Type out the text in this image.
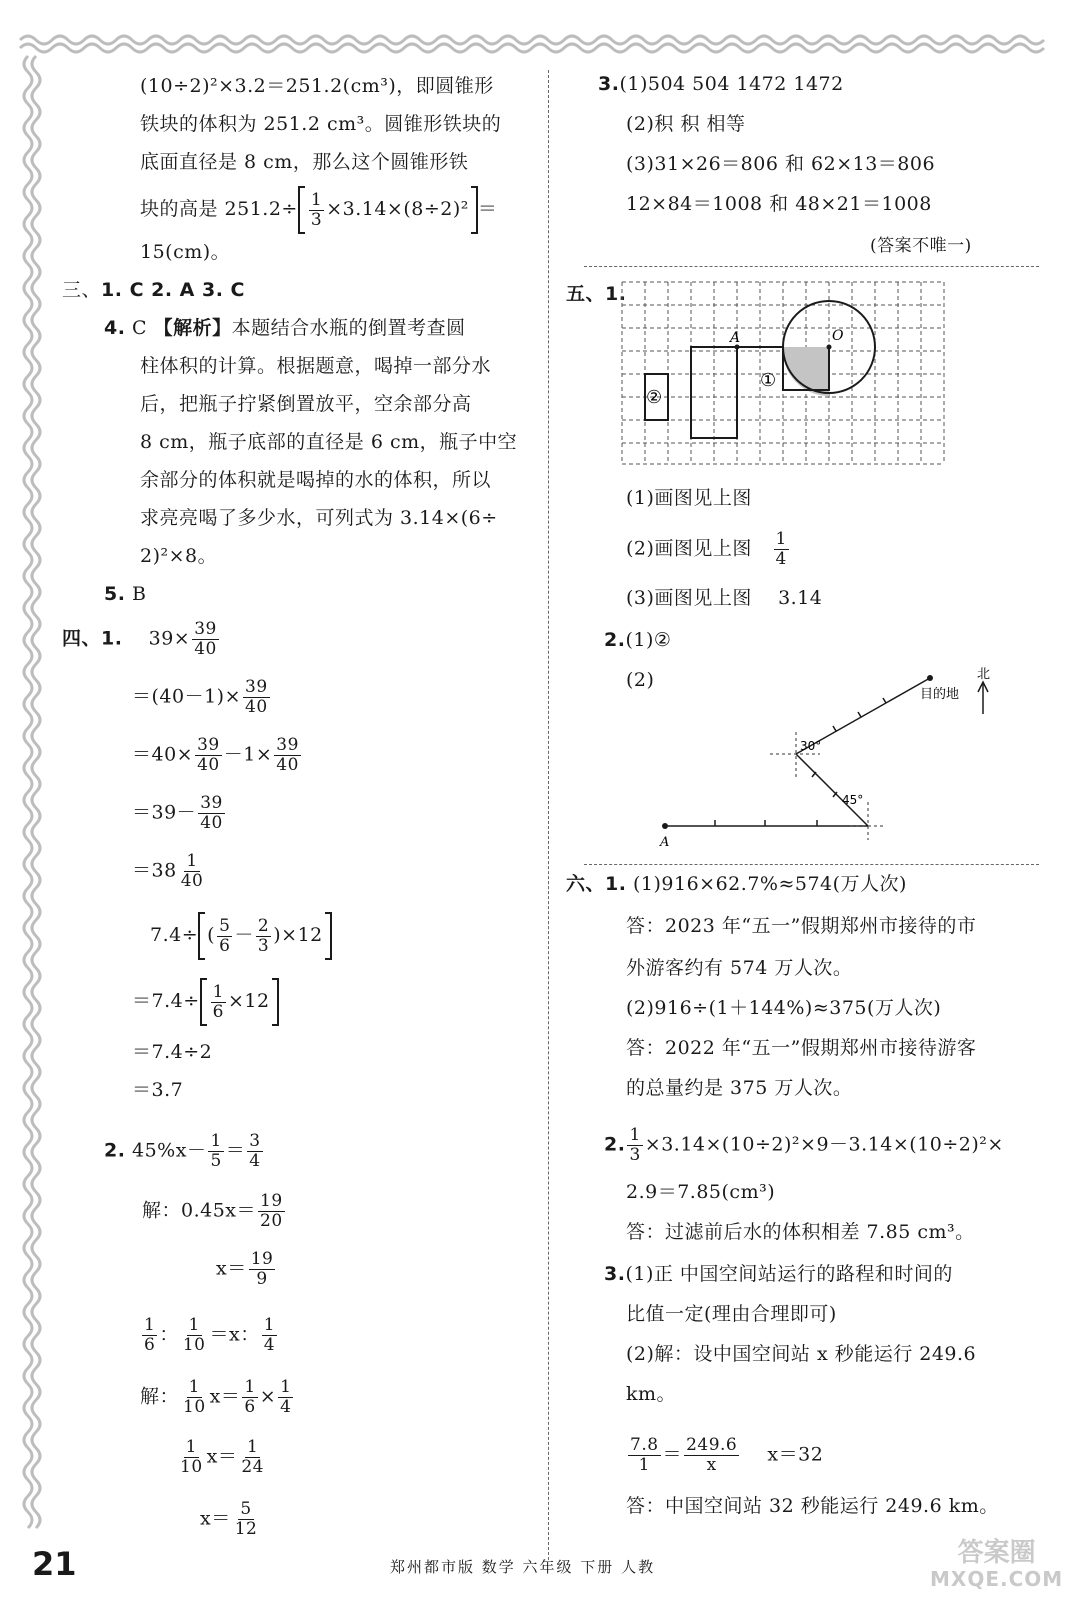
(10÷2)²×3.2＝251.2(cm³)，即圆锥形
铁块的体积为 251.2 cm³。圆锥形铁块的
底面直径是 8 cm，那么这个圆锥形铁
块的高是 $251.2\div \frac{1}{3} \times 3.14\times(8\div 2)^2$ ＝
15(cm)。
三、1. C 2. A 3. C
4. C 【解析】本题结合水瓶的倒置考查圆
柱体积的计算。根据题意，喝掉一部分水
后，把瓶子拧紧倒置放平，空余部分高
8 cm，瓶子底部的直径是 6 cm，瓶子中空
余部分的体积就是喝掉的水的体积，所以
求亮亮喝了多少水，可列式为 3.14×(6÷
2)²×8。
5. B
四、1. $39\times \frac{39}{40}$
$=(40-1)\times \frac{39}{40}$
$=40\times \frac{39}{40} -1\times \frac{39}{40}$
$=39- \frac{39}{40}$
$=38 \frac{1}{40}$
7.4÷ ( $\frac{5}{6} - \frac{2}{3} )\times 12$
$=7.4\div \frac{1}{6} \times 12$
＝7.4÷2
＝3.7
2. $45\%x- \frac{1}{5} = \frac{3}{4}$
解：$0.45x= \frac{19}{20}$
$x= \frac{19}{9}$
$\frac{1}{6}$ ： $\frac{1}{10} =x$： $\frac{1}{4}$
解： $\frac{1}{10} x= \frac{1}{6} \times \frac{1}{4}$
$\frac{1}{10} x= \frac{1}{24}$
$x= \frac{5}{12}$
3.(1)504 504 1472 1472
(2)积 积 相等
(3)31×26＝806 和 62×13＝806
12×84＝1008 和 48×21＝1008
(答案不唯一)
五、1.
A	O
①
②
(1)画图见上图
(2)画图见上图 $\frac{1}{4}$
(3)画图见上图 3.14
2.(1)②
(2)
A
30°
45°
目的地
北
六、1. (1)916×62.7%≈574(万人次)
答：2023 年“五一”假期郑州市接待的市
外游客约有 574 万人次。
(2)916÷(1＋144%)≈375(万人次)
答：2022 年“五一”假期郑州市接待游客
的总量约是 375 万人次。
2. $\frac{1}{3} \times 3.14\times(10\div 2)^2\times 9-3.14\times(10\div 2)^2\times$
2.9＝7.85(cm³)
答：过滤前后水的体积相差 7.85 cm³。
3.(1)正 中国空间站运行的路程和时间的
比值一定(理由合理即可)
(2)解：设中国空间站 x 秒能运行 249.6
km。
$\frac{7.8}{1} = \frac{249.6}{x} x=32$
答：中国空间站 32 秒能运行 249.6 km。
21	郑州都市版 数学 六年级 下册 人教	答案圈
MXQE.COM
